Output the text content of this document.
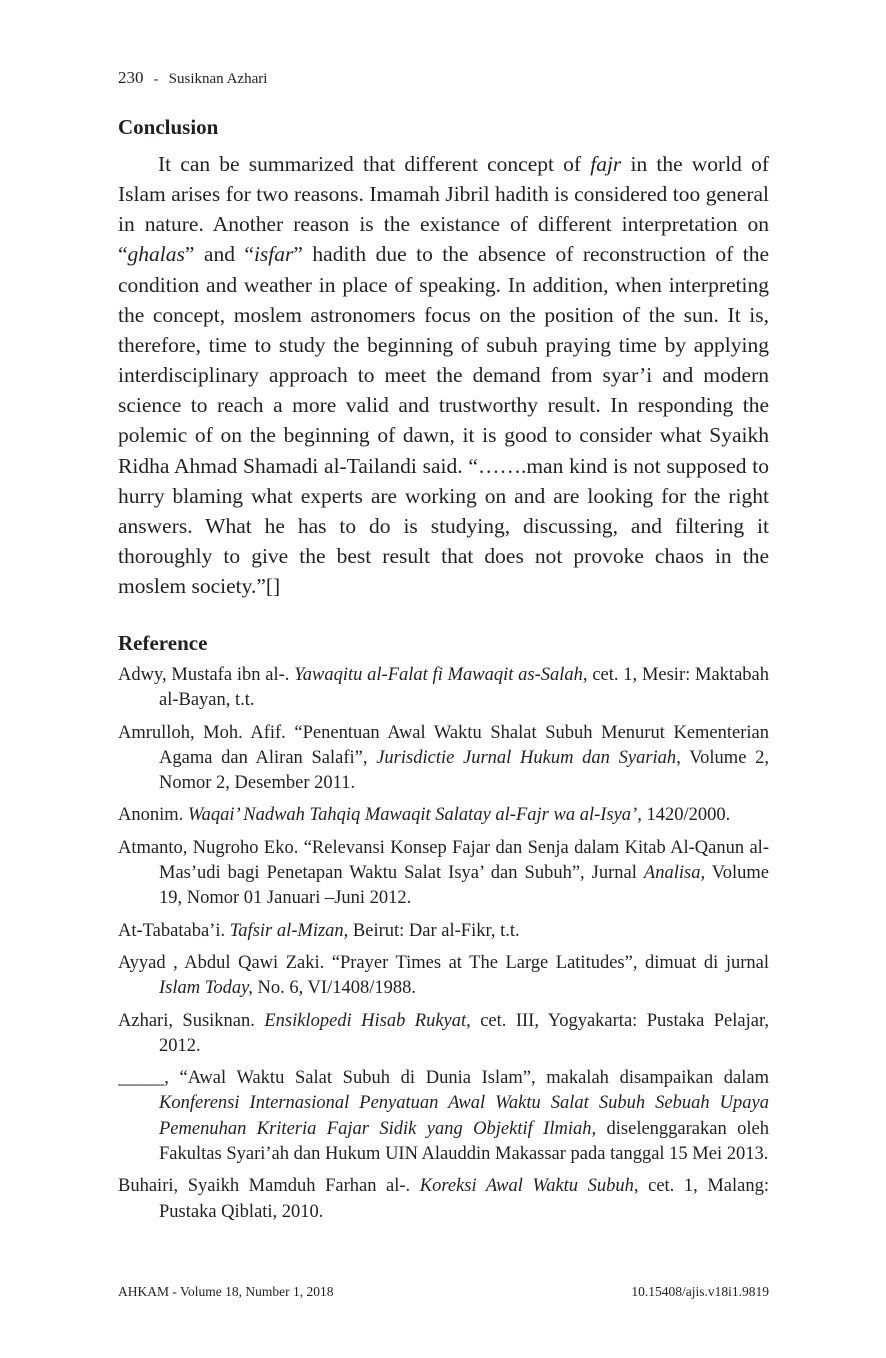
230 - Susiknan Azhari
Conclusion

It can be summarized that different concept of fajr in the world of Islam arises for two reasons. Imamah Jibril hadith is considered too general in nature. Another reason is the existance of different interpretation on “ghalas” and “isfar” hadith due to the absence of reconstruction of the condition and weather in place of speaking. In addition, when interpreting the concept, moslem astronomers focus on the position of the sun. It is, therefore, time to study the beginning of subuh praying time by applying interdisciplinary approach to meet the demand from syar’i and modern science to reach a more valid and trustworthy result. In responding the polemic of on the beginning of dawn, it is good to consider what Syaikh Ridha Ahmad Shamadi al-Tailandi said. “…….man kind is not supposed to hurry blaming what experts are working on and are looking for the right answers. What he has to do is studying, discussing, and filtering it thoroughly to give the best result that does not provoke chaos in the moslem society.”[]

Reference
Adwy, Mustafa ibn al-. Yawaqitu al-Falat fi Mawaqit as-Salah, cet. 1, Mesir: Maktabah al-Bayan, t.t.
Amrulloh, Moh. Afif. “Penentuan Awal Waktu Shalat Subuh Menurut Kementerian Agama dan Aliran Salafi”, Jurisdictie Jurnal Hukum dan Syariah, Volume 2, Nomor 2, Desember 2011.
Anonim. Waqai’ Nadwah Tahqiq Mawaqit Salatay al-Fajr wa al-Isya’, 1420/2000.
Atmanto, Nugroho Eko. “Relevansi Konsep Fajar dan Senja dalam Kitab Al-Qanun al-Mas’udi bagi Penetapan Waktu Salat Isya’ dan Subuh”, Jurnal Analisa, Volume 19, Nomor 01 Januari –Juni 2012.
At-Tabataba’i. Tafsir al-Mizan, Beirut: Dar al-Fikr, t.t.
Ayyad , Abdul Qawi Zaki. “Prayer Times at The Large Latitudes”, dimuat di jurnal Islam Today, No. 6, VI/1408/1988.
Azhari, Susiknan. Ensiklopedi Hisab Rukyat, cet. III, Yogyakarta: Pustaka Pelajar, 2012.
_____, “Awal Waktu Salat Subuh di Dunia Islam”, makalah disampaikan dalam Konferensi Internasional Penyatuan Awal Waktu Salat Subuh Sebuah Upaya Pemenuhan Kriteria Fajar Sidik yang Objektif Ilmiah, diselenggarakan oleh Fakultas Syari’ah dan Hukum UIN Alauddin Makassar pada tanggal 15 Mei 2013.
Buhairi, Syaikh Mamduh Farhan al-. Koreksi Awal Waktu Subuh, cet. 1, Malang: Pustaka Qiblati, 2010.
AHKAM - Volume 18, Number 1, 2018	10.15408/ajis.v18i1.9819
